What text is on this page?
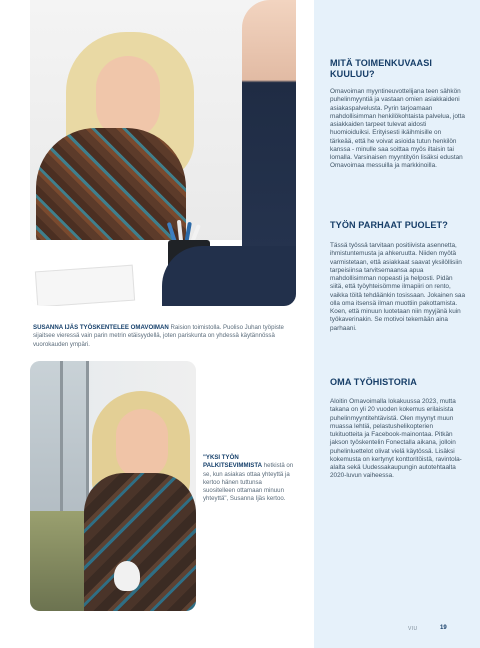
SUSANNA IJÄS TYÖSKENTELEE OMAVOIMAN Raision toimistolla. Puoliso Juhan työpiste sijaitsee vieressä vain parin metrin etäisyydellä, joten pariskunta on yhdessä käytännössä vuorokauden ympäri.

"YKSI TYÖN PALKITSEVIMMISTA hetkistä on se, kun asiakas ottaa yhteyttä ja kertoo hänen tuttunsa suositelleen ottamaan minuun yhteyttä", Susanna Ijäs kertoo.

MITÄ TOIMENKUVAASI KUULUU?

Omavoiman myyntineuvottelijana teen sähkön puhelinmyyntiä ja vastaan omien asiakkaideni asiakaspalvelusta. Pyrin tarjoamaan mahdollisimman henkilökohtaista palvelua, jotta asiakkaiden tarpeet tulevat aidosti huomioiduiksi. Erityisesti ikäihmisille on tärkeää, että he voivat asioida tutun henkilön kanssa - minulle saa soittaa myös iltaisin tai lomalla. Varsinaisen myyntityön lisäksi edustan Omavoimaa messuilla ja markkinoilla.

TYÖN PARHAAT PUOLET?

Tässä työssä tarvitaan positiivista asennetta, ihmistuntemusta ja ahkeruutta. Niiden myötä varmistetaan, että asiakkaat saavat yksilöllisiin tarpeisiinsa tarvitsemaansa apua mahdollisimman nopeasti ja helposti. Pidän siitä, että työyhteisömme ilmapiiri on rento, vaikka töitä tehdäänkin tosissaan. Jokainen saa olla oma itsensä ilman muottiin pakottamista. Koen, että minuun luotetaan niin myyjänä kuin työkaverinakin. Se motivoi tekemään aina parhaani.

OMA TYÖHISTORIA

Aloitin Omavoimalla lokakuussa 2023, mutta takana on yli 20 vuoden kokemus erilaisista puhelinmyyntitehtävistä. Olen myynyt muun muassa lehtiä, pelastushelikopterien tukituotteita ja Facebook-mainontaa. Pitkän jakson työskentelin Fonectalla aikana, jolloin puhelinluettelot olivat vielä käytössä. Lisäksi kokemusta on kertynyt konttoritöistä, ravintola-alalta sekä Uudessakaupungin autotehtaalta 2020-luvun vaiheessa.

VIU	19
